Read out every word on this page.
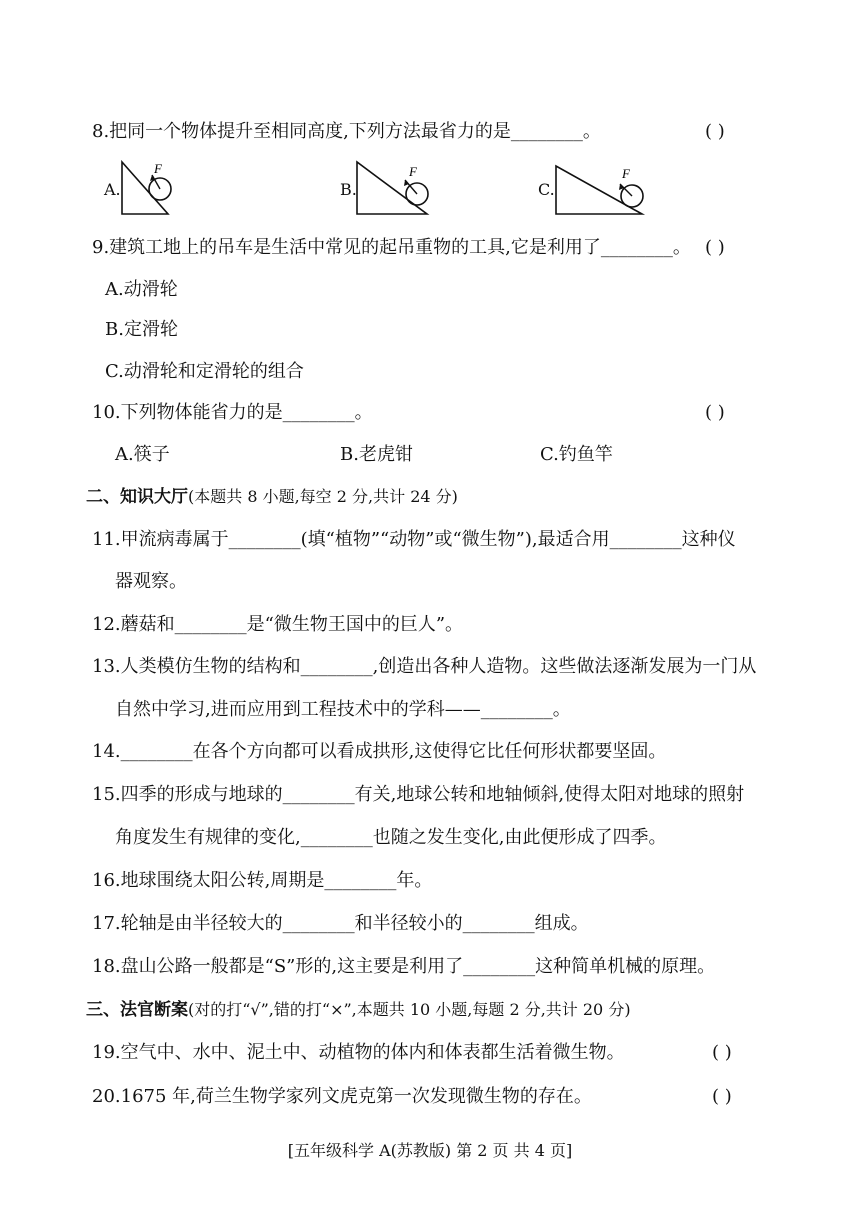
8.把同一个物体提升至相同高度,下列方法最省力的是________。	( )
A.
F
B.
F
C.
F
9.建筑工地上的吊车是生活中常见的起吊重物的工具,它是利用了________。 ( )
A.动滑轮
B.定滑轮
C.动滑轮和定滑轮的组合
10.下列物体能省力的是________。	( )
A.筷子	B.老虎钳	C.钓鱼竿
二、知识大厅(本题共 8 小题,每空 2 分,共计 24 分)
11.甲流病毒属于________(填“植物”“动物”或“微生物”),最适合用________这种仪
器观察。
12.蘑菇和________是“微生物王国中的巨人”。
13.人类模仿生物的结构和________,创造出各种人造物。这些做法逐渐发展为一门从
自然中学习,进而应用到工程技术中的学科——________。
14.________在各个方向都可以看成拱形,这使得它比任何形状都要坚固。
15.四季的形成与地球的________有关,地球公转和地轴倾斜,使得太阳对地球的照射
角度发生有规律的变化,________也随之发生变化,由此便形成了四季。
16.地球围绕太阳公转,周期是________年。
17.轮轴是由半径较大的________和半径较小的________组成。
18.盘山公路一般都是“S”形的,这主要是利用了________这种简单机械的原理。
三、法官断案(对的打“√”,错的打“×”,本题共 10 小题,每题 2 分,共计 20 分)
19.空气中、水中、泥土中、动植物的体内和体表都生活着微生物。	( )
20.1675 年,荷兰生物学家列文虎克第一次发现微生物的存在。	( )
[五年级科学 A(苏教版) 第 2 页 共 4 页]
